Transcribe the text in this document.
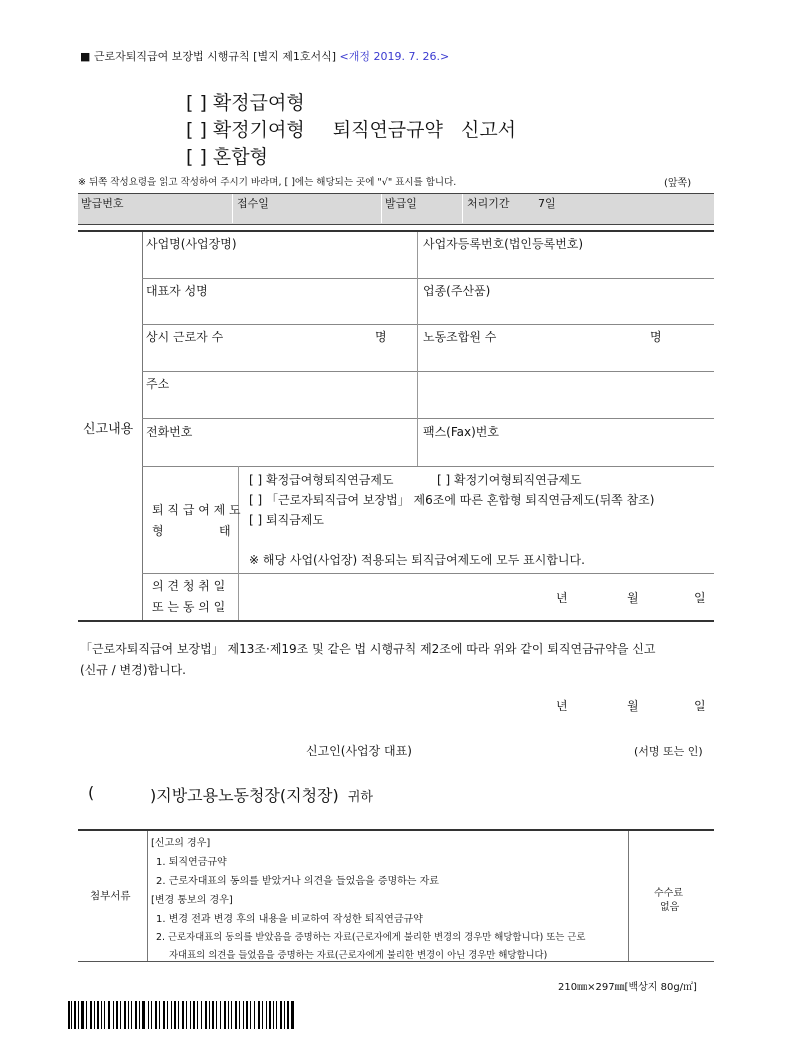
■ 근로자퇴직급여 보장법 시행규칙 [별지 제1호서식] <개정 2019. 7. 26.>
[ ] 확정급여형
[ ] 확정기여형 퇴직연금규약   신고서
[ ] 혼합형
※ 뒤쪽 작성요령을 읽고 작성하여 주시기 바라며, [ ]에는 해당되는 곳에 "√" 표시를 합니다.	(앞쪽)
발급번호	접수일	발급일	처리기간	7일
신고내용
사업명(사업장명)	사업자등록번호(법인등록번호)
대표자 성명	업종(주산품)
상시 근로자 수	명	노동조합원 수	명
주소
전화번호	팩스(Fax)번호
퇴 직 급 여 제 도
형	태
[ ] 확정급여형퇴직연금제도	[ ] 확정기여형퇴직연금제도
[ ] 「근로자퇴직급여 보장법」 제6조에 따른 혼합형 퇴직연금제도(뒤쪽 참조)
[ ] 퇴직금제도
※ 해당 사업(사업장) 적용되는 퇴직급여제도에 모두 표시합니다.
의 견 청 취 일
또 는 동 의 일
년	월	일
「근로자퇴직급여 보장법」 제13조·제19조 및 같은 법 시행규칙 제2조에 따라 위와 같이 퇴직연금규약을 신고
(신규 / 변경)합니다.
년	월	일
신고인(사업장 대표)	(서명 또는 인)
(	)지방고용노동청장(지청장) 귀하
첨부서류
[신고의 경우]
1. 퇴직연금규약
2. 근로자대표의 동의를 받았거나 의견을 들었음을 증명하는 자료
[변경 통보의 경우]
1. 변경 전과 변경 후의 내용을 비교하여 작성한 퇴직연금규약
2. 근로자대표의 동의를 받았음을 증명하는 자료(근로자에게 불리한 변경의 경우만 해당합니다) 또는 근로
자대표의 의견을 들었음을 증명하는 자료(근로자에게 불리한 변경이 아닌 경우만 해당합니다)
수수료
없음
210㎜×297㎜[백상지 80g/㎡]
